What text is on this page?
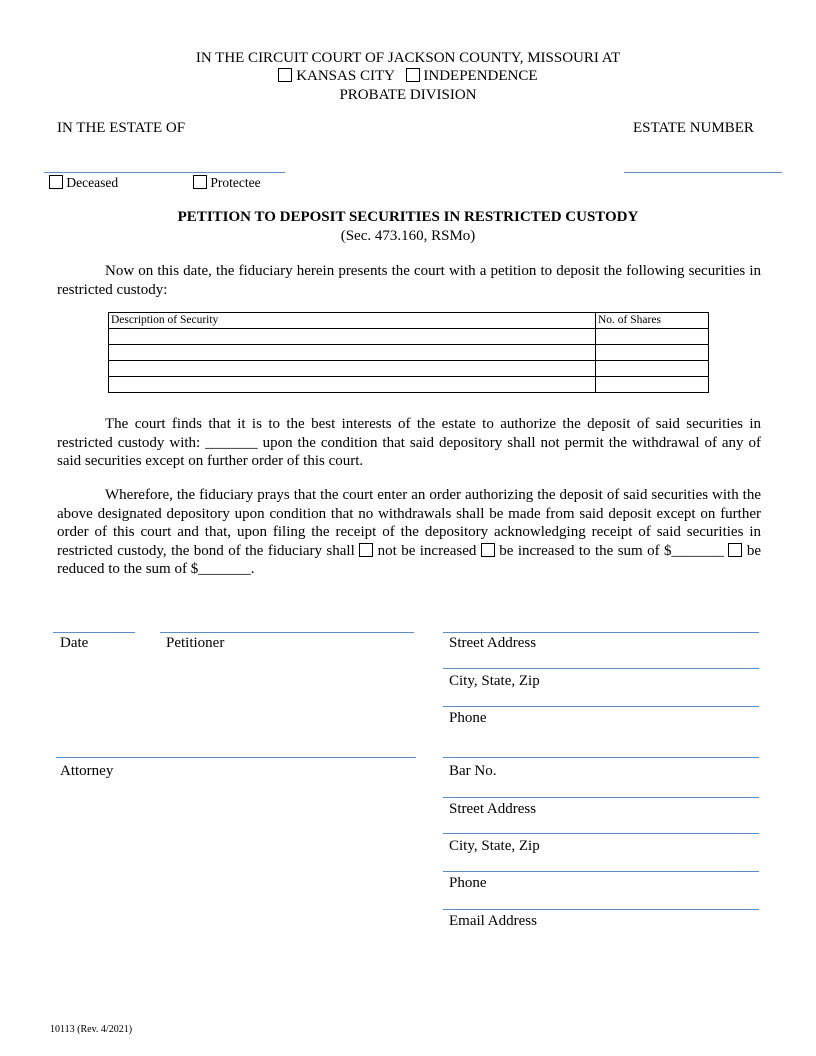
IN THE CIRCUIT COURT OF JACKSON COUNTY, MISSOURI AT
KANSAS CITY INDEPENDENCE
PROBATE DIVISION
IN THE ESTATE OF	ESTATE NUMBER
Deceased	Protectee
PETITION TO DEPOSIT SECURITIES IN RESTRICTED CUSTODY
(Sec. 473.160, RSMo)

Now on this date, the fiduciary herein presents the court with a petition to deposit the following securities in restricted custody:

Description of Security	No. of Shares

The court finds that it is to the best interests of the estate to authorize the deposit of said securities in restricted custody with: _______ upon the condition that said depository shall not permit the withdrawal of any of said securities except on further order of this court.

Wherefore, the fiduciary prays that the court enter an order authorizing the deposit of said securities with the above designated depository upon condition that no withdrawals shall be made from said deposit except on further order of this court and that, upon filing the receipt of the depository acknowledging receipt of said securities in restricted custody, the bond of the fiduciary shall not be increased be increased to the sum of $_______ be reduced to the sum of $_______.

Date	Petitioner	Street Address
City, State, Zip
Phone
Attorney	Bar No.
Street Address
City, State, Zip
Phone
Email Address
10113 (Rev. 4/2021)
